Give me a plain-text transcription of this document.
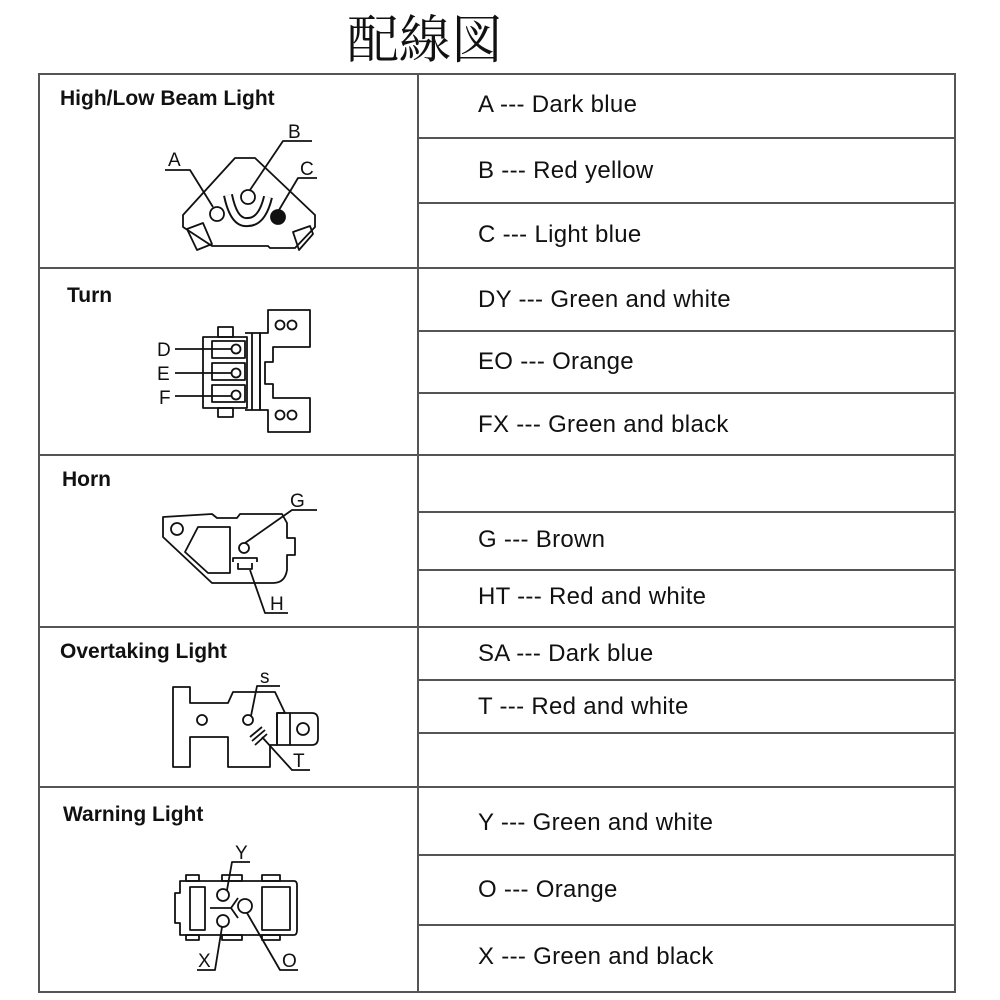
配線図
High/Low Beam Light
Turn
Horn
Overtaking Light
Warning Light
A --- Dark blue
B --- Red yellow
C --- Light blue
DY --- Green and white
EO --- Orange
FX --- Green and black
G --- Brown
HT --- Red and white
SA --- Dark blue
T --- Red and white
Y --- Green and white
O --- Orange
X --- Green and black
A
B
C
D
E
F
G
H
s
T
Y
X	O
